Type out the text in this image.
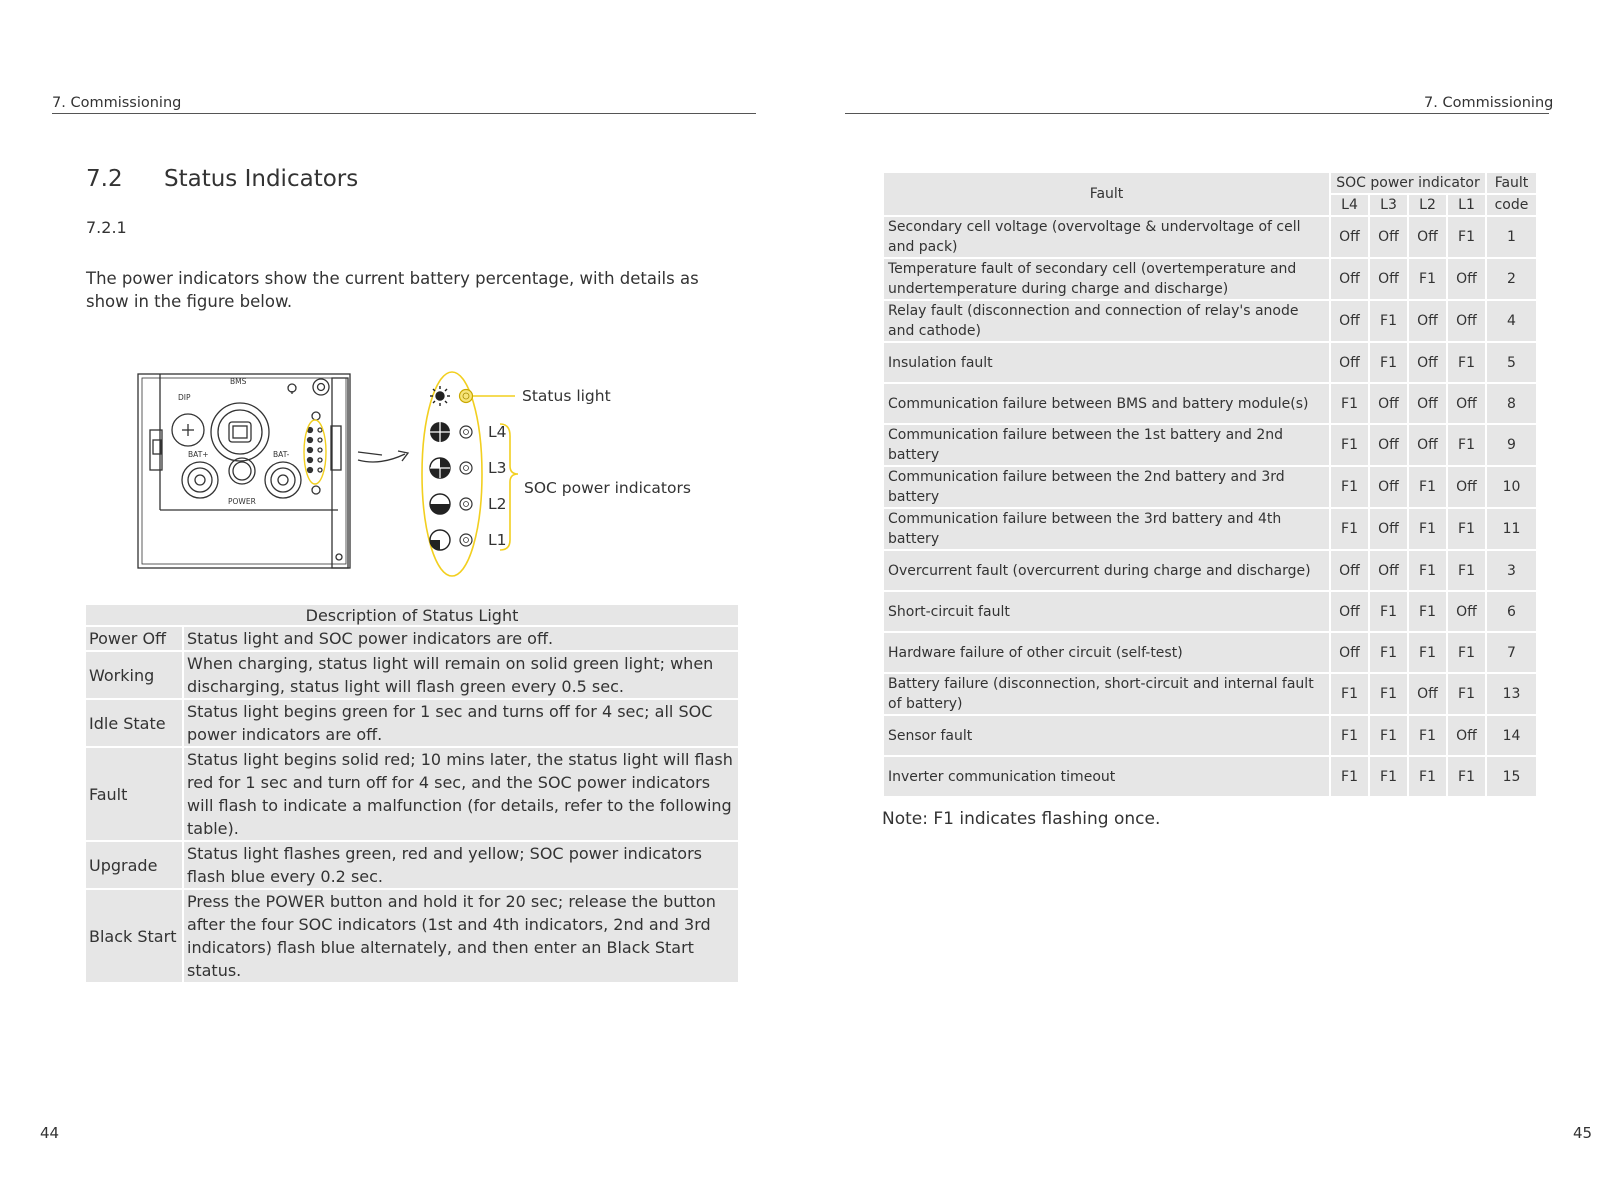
7. Commissioning
7.2 Status Indicators
7.2.1
The power indicators show the current battery percentage, with details as show in the figure below.
DIP
BMS
BAT+	BAT-
POWER
Status light
L4
L3
L2
L1
SOC power indicators
Description of Status Light	
Power Off	Status light and SOC power indicators are off.
Working	When charging, status light will remain on solid green light; when discharging, status light will flash green every 0.5 sec.
Idle State	Status light begins green for 1 sec and turns off for 4 sec; all SOC power indicators are off.
Fault	Status light begins solid red; 10 mins later, the status light will flash red for 1 sec and turn off for 4 sec, and the SOC power indicators will flash to indicate a malfunction (for details, refer to the following table).
Upgrade	Status light flashes green, red and yellow; SOC power indicators flash blue every 0.2 sec.
Black Start	Press the POWER button and hold it for 20 sec; release the button after the four SOC indicators (1st and 4th indicators, 2nd and 3rd indicators) flash blue alternately, and then enter an Black Start status.
44
7. Commissioning
Fault	SOC power indicator				Fault
	L4	L3	L2	L1	code
Secondary cell voltage (overvoltage & undervoltage of cell and pack)	Off	Off	Off	F1	1
Temperature fault of secondary cell (overtemperature and undertemperature during charge and discharge)	Off	Off	F1	Off	2
Relay fault (disconnection and connection of relay's anode and cathode)	Off	F1	Off	Off	4
Insulation fault	Off	F1	Off	F1	5
Communication failure between BMS and battery module(s)	F1	Off	Off	Off	8
Communication failure between the 1st battery and 2nd battery	F1	Off	Off	F1	9
Communication failure between the 2nd battery and 3rd battery	F1	Off	F1	Off	10
Communication failure between the 3rd battery and 4th battery	F1	Off	F1	F1	11
Overcurrent fault (overcurrent during charge and discharge)	Off	Off	F1	F1	3
Short-circuit fault	Off	F1	F1	Off	6
Hardware failure of other circuit (self-test)	Off	F1	F1	F1	7
Battery failure (disconnection, short-circuit and internal fault of battery)	F1	F1	Off	F1	13
Sensor fault	F1	F1	F1	Off	14
Inverter communication timeout	F1	F1	F1	F1	15
Note: F1 indicates flashing once.
45
